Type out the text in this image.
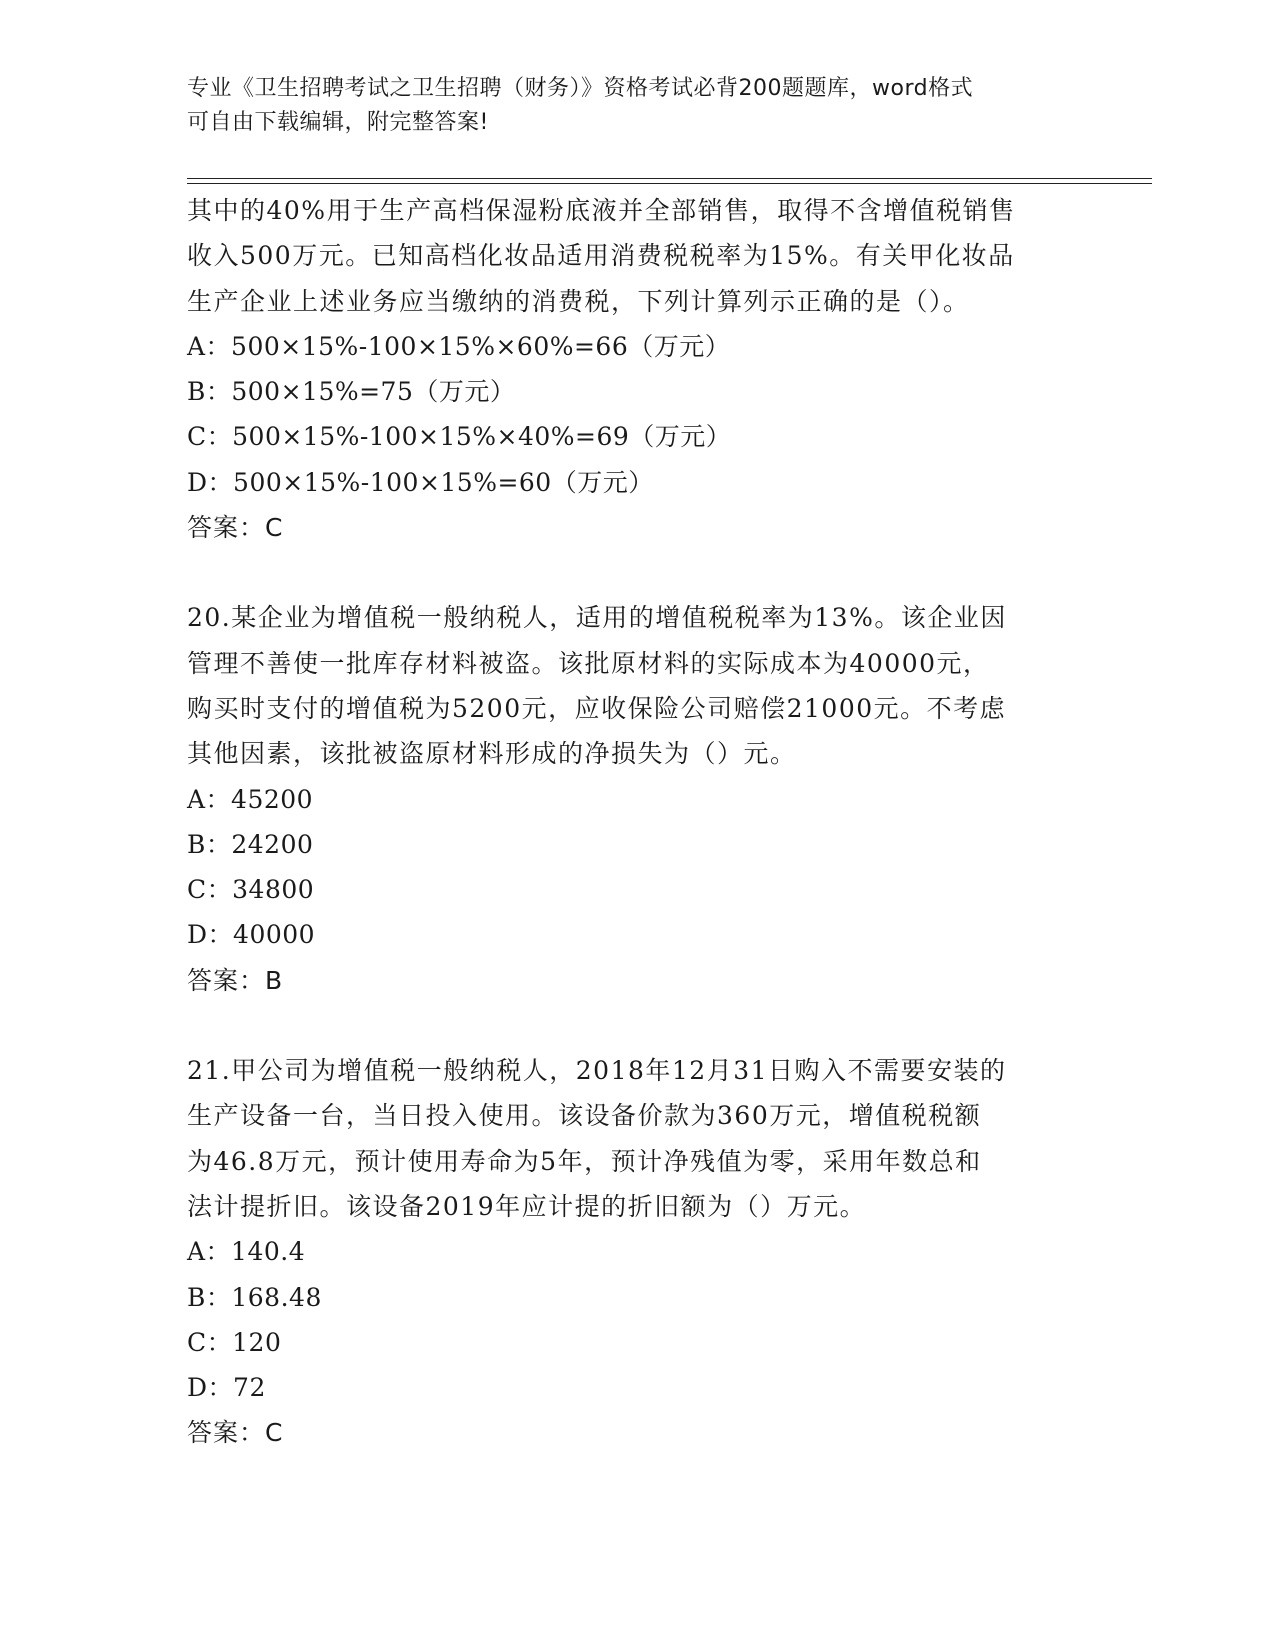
专业《卫生招聘考试之卫生招聘（财务）》资格考试必背200题题库，word格式
可自由下载编辑，附完整答案!
其中的40%用于生产高档保湿粉底液并全部销售，取得不含增值税销售
收入500万元。已知高档化妆品适用消费税税率为15%。有关甲化妆品
生产企业上述业务应当缴纳的消费税，下列计算列示正确的是（）。
A：500×15%-100×15%×60%=66（万元）
B：500×15%=75（万元）
C：500×15%-100×15%×40%=69（万元）
D：500×15%-100×15%=60（万元）
答案：C
20.某企业为增值税一般纳税人，适用的增值税税率为13%。该企业因
管理不善使一批库存材料被盗。该批原材料的实际成本为40000元，
购买时支付的增值税为5200元，应收保险公司赔偿21000元。不考虑
其他因素，该批被盗原材料形成的净损失为（）元。
A：45200
B：24200
C：34800
D：40000
答案：B
21.甲公司为增值税一般纳税人，2018年12月31日购入不需要安装的
生产设备一台，当日投入使用。该设备价款为360万元，增值税税额
为46.8万元，预计使用寿命为5年，预计净残值为零，采用年数总和
法计提折旧。该设备2019年应计提的折旧额为（）万元。
A：140.4
B：168.48
C：120
D：72
答案：C
